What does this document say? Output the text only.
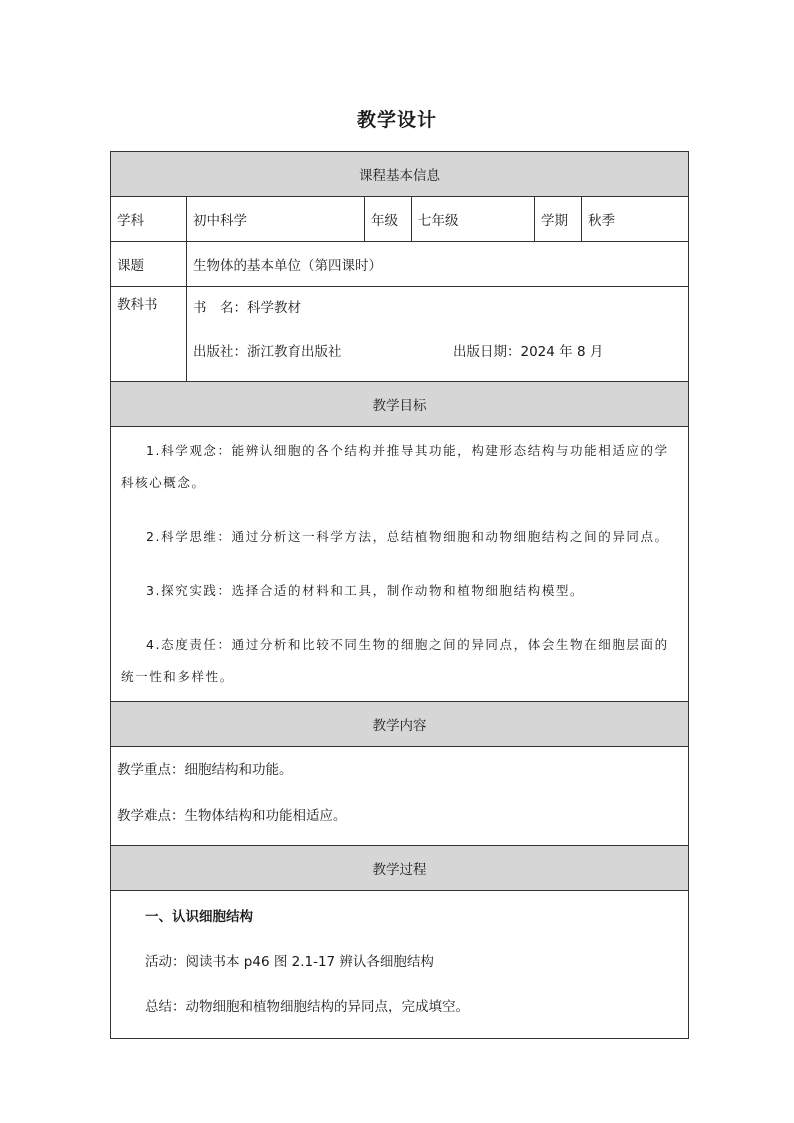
教学设计
课程基本信息					
学科	初中科学	年级	七年级	学期	秋季
课题	生物体的基本单位（第四课时）				
教科书	书　名：科学教材
出版社：浙江教育出版社 出版日期：2024 年 8 月				

教学目标					

1.科学观念：能辨认细胞的各个结构并推导其功能，构建形态结构与功能相适应的学科核心概念。

2.科学思维：通过分析这一科学方法，总结植物细胞和动物细胞结构之间的异同点。

3.探究实践：选择合适的材料和工具，制作动物和植物细胞结构模型。

4.态度责任：通过分析和比较不同生物的细胞之间的异同点，体会生物在细胞层面的统一性和多样性。					

教学内容					

教学重点：细胞结构和功能。

教学难点：生物体结构和功能相适应。					

教学过程					

一、认识细胞结构

活动：阅读书本 p46 图 2.1-17 辨认各细胞结构

总结：动物细胞和植物细胞结构的异同点，完成填空。					
